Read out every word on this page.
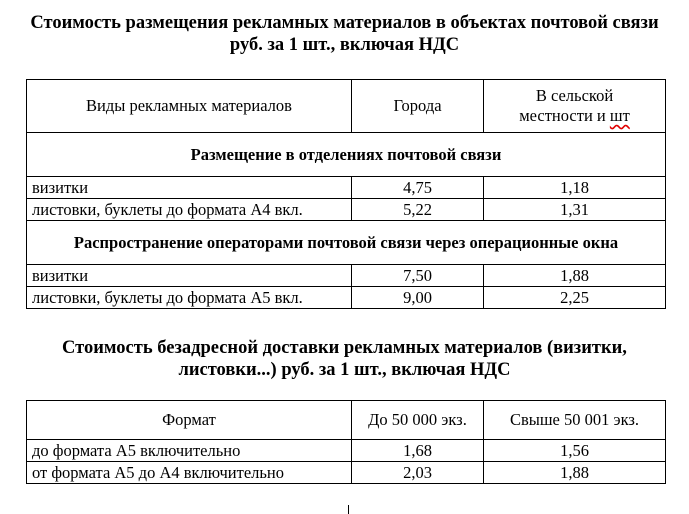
Стоимость размещения рекламных материалов в объектах почтовой связи
руб. за 1 шт., включая НДС
Виды рекламных материалов	Города	В сельской
местности и шт

Размещение в отделениях почтовой связи		
визитки	4,75	1,18
листовки, буклеты до формата А4 вкл.	5,22	1,31
Распространение операторами почтовой связи через операционные окна		
визитки	7,50	1,88
листовки, буклеты до формата А5 вкл.	9,00	2,25
Стоимость безадресной доставки рекламных материалов (визитки,
листовки...) руб. за 1 шт., включая НДС
Формат	До 50 000 экз.	Свыше 50 001 экз.
до формата А5 включительно	1,68	1,56
от формата А5 до А4 включительно	2,03	1,88
